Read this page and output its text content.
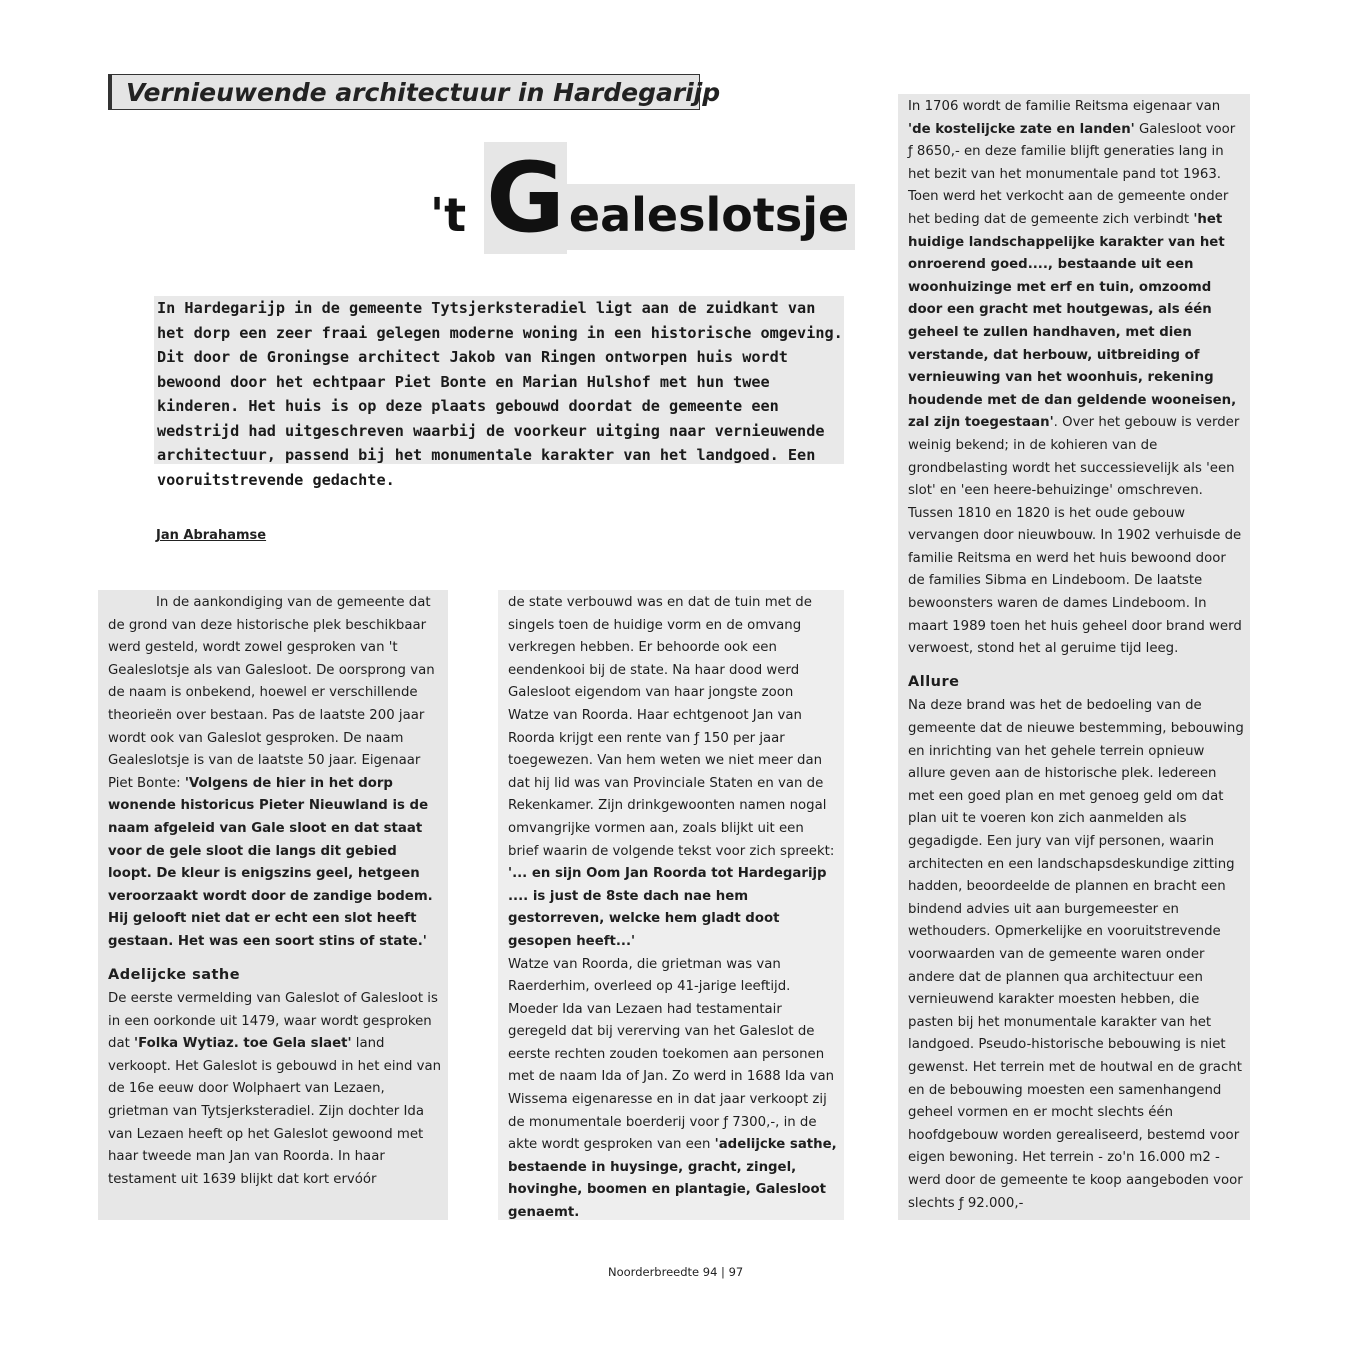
Vernieuwende architectuur in Hardegarijp
't Gealeslotsje

In Hardegarijp in de gemeente Tytsjerksteradiel ligt aan de zuidkant van het dorp een zeer fraai gelegen moderne woning in een historische omgeving. Dit door de Groningse architect Jakob van Ringen ontworpen huis wordt bewoond door het echtpaar Piet Bonte en Marian Hulshof met hun twee kinderen. Het huis is op deze plaats gebouwd doordat de gemeente een wedstrijd had uitgeschreven waarbij de voorkeur uitging naar vernieuwende architectuur, passend bij het monumentale karakter van het landgoed. Een vooruitstrevende gedachte.

Jan Abrahamse

In de aankondiging van de gemeente dat de grond van deze historische plek beschikbaar werd gesteld, wordt zowel gesproken van 't Gealeslotsje als van Galesloot. De oorsprong van de naam is onbekend, hoewel er verschillende theorieën over bestaan. Pas de laatste 200 jaar wordt ook van Galeslot gesproken. De naam Gealeslotsje is van de laatste 50 jaar. Eigenaar Piet Bonte: 'Volgens de hier in het dorp wonende historicus Pieter Nieuwland is de naam afgeleid van Gale sloot en dat staat voor de gele sloot die langs dit gebied loopt. De kleur is enigszins geel, hetgeen veroorzaakt wordt door de zandige bodem. Hij gelooft niet dat er echt een slot heeft gestaan. Het was een soort stins of state.'

Adelijcke sathe

De eerste vermelding van Galeslot of Galesloot is in een oorkonde uit 1479, waar wordt gesproken dat 'Folka Wytiaz. toe Gela slaet' land verkoopt. Het Galeslot is gebouwd in het eind van de 16e eeuw door Wolphaert van Lezaen, grietman van Tytsjerksteradiel. Zijn dochter Ida van Lezaen heeft op het Galeslot gewoond met haar tweede man Jan van Roorda. In haar testament uit 1639 blijkt dat kort ervóór

de state verbouwd was en dat de tuin met de singels toen de huidige vorm en de omvang verkregen hebben. Er behoorde ook een eendenkooi bij de state. Na haar dood werd Galesloot eigendom van haar jongste zoon Watze van Roorda. Haar echtgenoot Jan van Roorda krijgt een rente van ƒ 150 per jaar toegewezen. Van hem weten we niet meer dan dat hij lid was van Provinciale Staten en van de Rekenkamer. Zijn drinkgewoonten namen nogal omvangrijke vormen aan, zoals blijkt uit een brief waarin de volgende tekst voor zich spreekt: '... en sijn Oom Jan Roorda tot Hardegarijp .... is just de 8ste dach nae hem gestorreven, welcke hem gladt doot gesopen heeft...'

Watze van Roorda, die grietman was van Raerderhim, overleed op 41-jarige leeftijd. Moeder Ida van Lezaen had testamentair geregeld dat bij vererving van het Galeslot de eerste rechten zouden toekomen aan personen met de naam Ida of Jan. Zo werd in 1688 Ida van Wissema eigenaresse en in dat jaar verkoopt zij de monumentale boerderij voor ƒ 7300,-, in de akte wordt gesproken van een 'adelijcke sathe, bestaende in huysinge, gracht, zingel, hovinghe, boomen en plantagie, Galesloot genaemt.

In 1706 wordt de familie Reitsma eigenaar van 'de kostelijcke zate en landen' Galesloot voor ƒ 8650,- en deze familie blijft generaties lang in het bezit van het monumentale pand tot 1963. Toen werd het verkocht aan de gemeente onder het beding dat de gemeente zich verbindt 'het huidige landschappelijke karakter van het onroerend goed...., bestaande uit een woonhuizinge met erf en tuin, omzoomd door een gracht met houtgewas, als één geheel te zullen handhaven, met dien verstande, dat herbouw, uitbreiding of vernieuwing van het woonhuis, rekening houdende met de dan geldende wooneisen, zal zijn toegestaan'. Over het gebouw is verder weinig bekend; in de kohieren van de grondbelasting wordt het successievelijk als 'een slot' en 'een heere-behuizinge' omschreven. Tussen 1810 en 1820 is het oude gebouw vervangen door nieuwbouw. In 1902 verhuisde de familie Reitsma en werd het huis bewoond door de families Sibma en Lindeboom. De laatste bewoonsters waren de dames Lindeboom. In maart 1989 toen het huis geheel door brand werd verwoest, stond het al geruime tijd leeg.

Allure

Na deze brand was het de bedoeling van de gemeente dat de nieuwe bestemming, bebouwing en inrichting van het gehele terrein opnieuw allure geven aan de historische plek. Iedereen met een goed plan en met genoeg geld om dat plan uit te voeren kon zich aanmelden als gegadigde. Een jury van vijf personen, waarin architecten en een landschapsdeskundige zitting hadden, beoordeelde de plannen en bracht een bindend advies uit aan burgemeester en wethouders. Opmerkelijke en vooruitstrevende voorwaarden van de gemeente waren onder andere dat de plannen qua architectuur een vernieuwend karakter moesten hebben, die pasten bij het monumentale karakter van het landgoed. Pseudo-historische bebouwing is niet gewenst. Het terrein met de houtwal en de gracht en de bebouwing moesten een samenhangend geheel vormen en er mocht slechts één hoofdgebouw worden gerealiseerd, bestemd voor eigen bewoning. Het terrein - zo'n 16.000 m2 - werd door de gemeente te koop aangeboden voor slechts ƒ 92.000,-

Noorderbreedte 94 | 97
